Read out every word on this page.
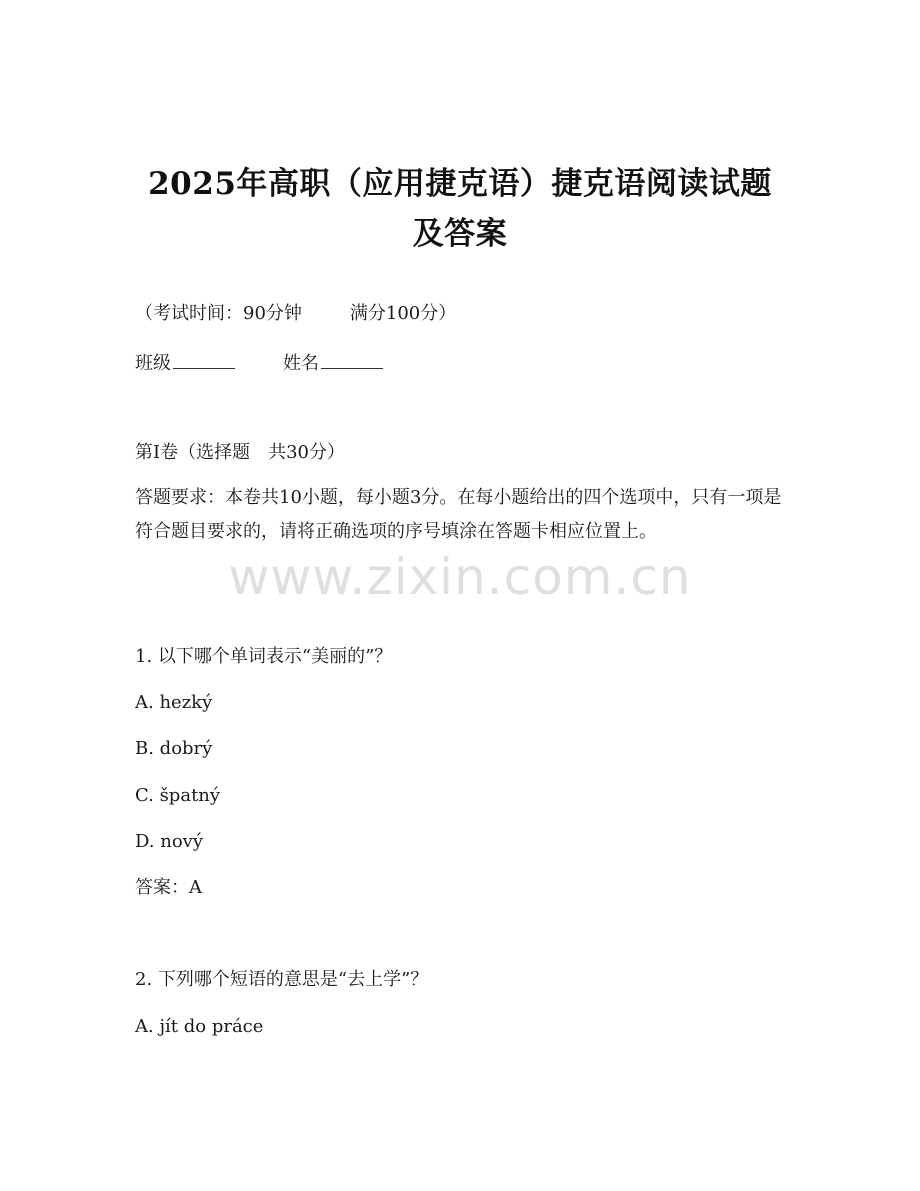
2025年高职（应用捷克语）捷克语阅读试题
及答案
（考试时间：90分钟	满分100分）
班级	姓名
第Ⅰ卷（选择题　共30分）
答题要求：本卷共10小题，每小题3分。在每小题给出的四个选项中，只有一项是符合题目要求的，请将正确选项的序号填涂在答题卡相应位置上。
www.zixin.com.cn
1. 以下哪个单词表示“美丽的”？
A. hezký
B. dobrý
C. špatný
D. nový
答案：A
2. 下列哪个短语的意思是“去上学”？
A. jít do práce
